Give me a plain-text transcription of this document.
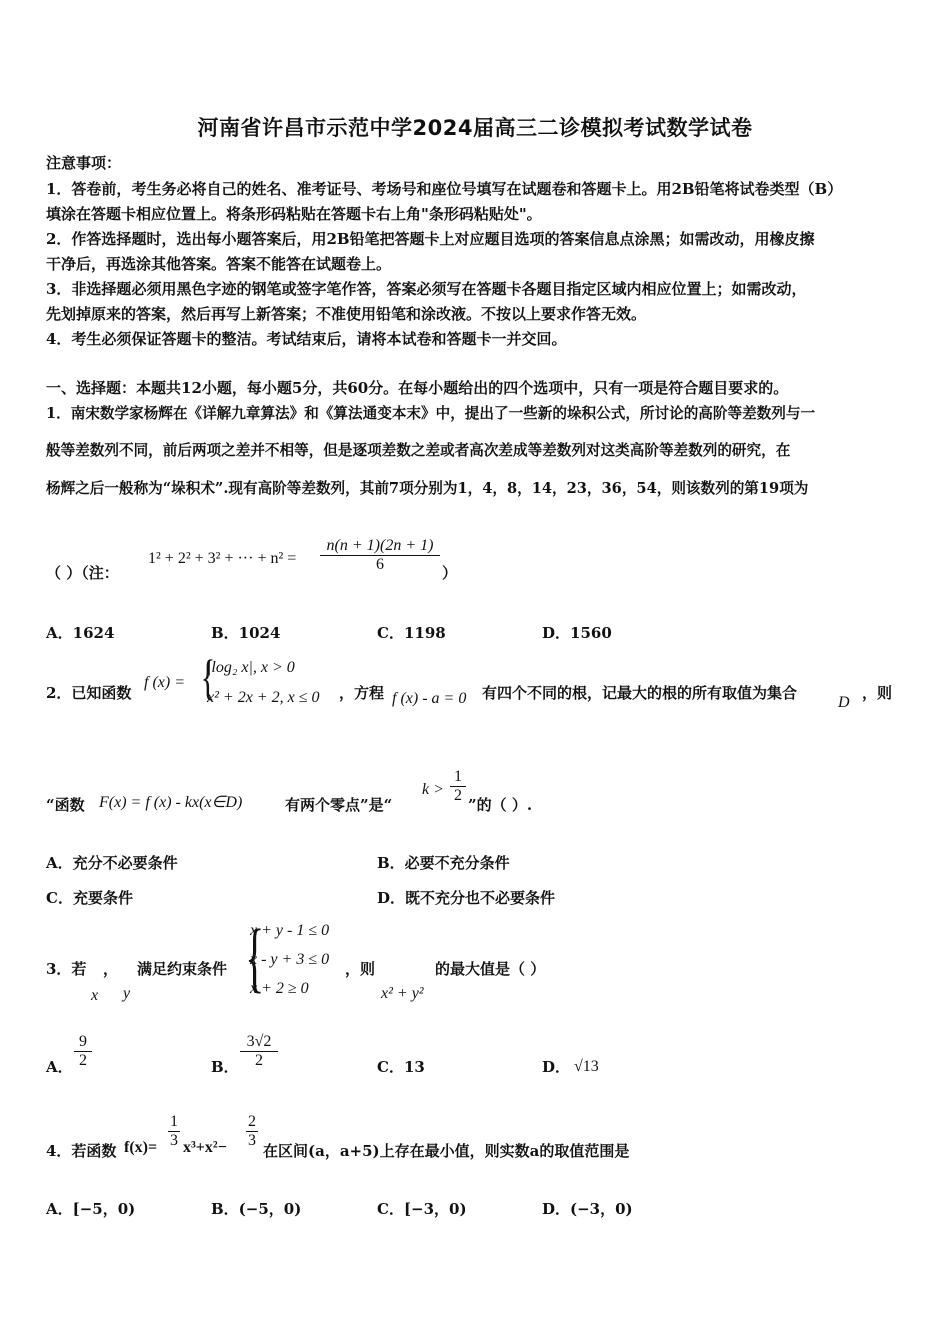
河南省许昌市示范中学2024届高三二诊模拟考试数学试卷
注意事项：
1．答卷前，考生务必将自己的姓名、准考证号、考场号和座位号填写在试题卷和答题卡上。用2B铅笔将试卷类型（B）
填涂在答题卡相应位置上。将条形码粘贴在答题卡右上角"条形码粘贴处"。
2．作答选择题时，选出每小题答案后，用2B铅笔把答题卡上对应题目选项的答案信息点涂黑；如需改动，用橡皮擦
干净后，再选涂其他答案。答案不能答在试题卷上。
3．非选择题必须用黑色字迹的钢笔或签字笔作答，答案必须写在答题卡各题目指定区域内相应位置上；如需改动，
先划掉原来的答案，然后再写上新答案；不准使用铅笔和涂改液。不按以上要求作答无效。
4．考生必须保证答题卡的整洁。考试结束后，请将本试卷和答题卡一并交回。
一、选择题：本题共12小题，每小题5分，共60分。在每小题给出的四个选项中，只有一项是符合题目要求的。
1．南宋数学家杨辉在《详解九章算法》和《算法通变本末》中，提出了一些新的垛积公式，所讨论的高阶等差数列与一
般等差数列不同，前后两项之差并不相等，但是逐项差数之差或者高次差成等差数列对这类高阶等差数列的研究，在
杨辉之后一般称为“垛积术”.现有高阶等差数列，其前7项分别为1，4，8，14，23，36，54，则该数列的第19项为
（ ）（注：
1² + 2² + 3² + ··· + $n^2 = \frac{n(n + 1)(2n + 1)}{6}$ ）
A．1624	B．1024	C．1198	D．1560
2．已知函数
f (x) = {
|log₂ x|, x > 0
x² + 2x + 2, x ≤ 0 ，方程 f (x) - a = 0 有四个不同的根，记最大的根的所有取值为集合
D
，则
“函数 F(x) = f (x) - kx(x∈D)	有两个零点”是“
$k > \frac{1}{2}$ ”的（ ）.
A．充分不必要条件	B．必要不充分条件
C．充要条件	D．既不充分也不必要条件
3．若 ， 满足约束条件
x y {
x + y - 1 ≤ 0
x - y + 3 ≤ 0
x + 2 ≥ 0
，则
x² + y²
的最大值是（ ）
A． $\frac{9}{2}$	B． $\frac{3√2}{2}$	C．13	D． √13
4．若函数 $f(x)= \frac{1}{3} x^3+x^2- \frac{2}{3}$
在区间(a，a+5)上存在最小值，则实数a的取值范围是
A．[−5，0)	B．(−5，0)	C．[−3，0)	D．(−3，0)
